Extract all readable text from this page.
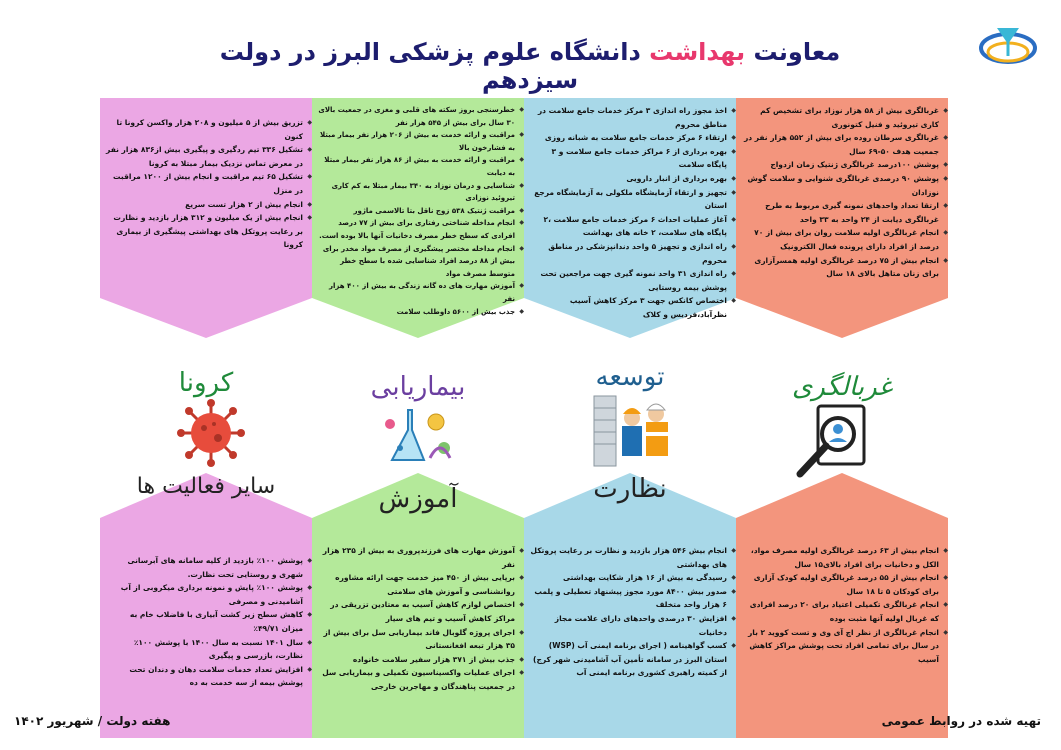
معاونت بهداشت دانشگاه علوم پزشکی البرز در دولت سیزدهم
◆ غربالگری بیش از ۵۸ هزار نوزاد برای تشخیص کم کاری تیروئید و فنیل کتونوری
◆ غربالگری سرطان روده برای بیش از ۵۵۲ هزار نفر در جمعیت هدف ۵۰-۶۹ سال
◆ پوشش ۱۰۰درصد غربالگری ژنتیک زمان ازدواج
◆ پوشش ۹۰ درصدی غربالگری شنوایی و سلامت گوش نوزادان
◆ ارتقا تعداد واحدهای نمونه گیری مربوط به طرح غربالگری دیابت از ۲۴ واحد به ۳۳ واحد
◆ انجام غربالگری اولیه سلامت روان برای بیش از ۷۰ درصد از افراد دارای پرونده فعال الکترونیک
◆ انجام بیش از ۷۵ درصد غربالگری اولیه همسرآزاری برای زنان متاهل بالای ۱۸ سال
◆ اخذ مجوز راه اندازی ۳ مرکز خدمات جامع سلامت در مناطق محروم
◆ ارتقاء ۶ مرکز خدمات جامع سلامت به شبانه روزی
◆ بهره برداری از ۶ مراکز خدمات جامع سلامت و ۳ پایگاه سلامت
◆ بهره برداری از انبار دارویی
◆ تجهیز و ارتقاء آزمایشگاه ملکولی به آزمایشگاه مرجع استان
◆ آغاز عملیات احداث ۶ مرکز خدمات جامع سلامت ،۲ پایگاه های سلامت، ۲ خانه های بهداشت
◆ راه اندازی و تجهیز ۵ واحد دندانپزشکی در مناطق محروم
◆ راه اندازی ۳۱ واحد نمونه گیری جهت مراجعین تحت پوشش بیمه روستایی
◆ اختصاص کانکس جهت ۳ مرکز کاهش آسیب نظرآباد،فردیس و کلاک
◆ خطرسنجی بروز سکته های قلبی و مغزی در جمعیت بالای ۳۰ سال برای بیش از ۵۴۵ هزار نفر
◆ مراقبت و ارائه خدمت به بیش از ۲۰۶ هزار نفر بیمار مبتلا به فشارخون بالا
◆ مراقبت و ارائه خدمت به بیش از ۸۶ هزار نفر بیمار مبتلا به دیابت
◆ شناسایی و درمان نوزاد به ۳۴۰ بیمار مبتلا به کم کاری تیروئید نوزادی
◆ مراقبت ژنتیک ۵۳۸ زوج ناقل بتا تالاسمی ماژور
◆ انجام مداخله شناختی رفتاری برای بیش از ۷۷ درصد افرادی که سطح خطر مصرف دخانیات آنها بالا بوده است.
◆ انجام مداخله مختصر پیشگیری از مصرف مواد مخدر برای بیش از ۸۸ درصد افراد شناسایی شده با سطح خطر متوسط مصرف مواد
◆ آموزش مهارت های ده گانه زندگی به بیش از ۴۰۰ هزار نفر
◆ جذب بیش از ۵۶۰۰ داوطلب سلامت
◆ تزریق بیش از ۵ میلیون و ۲۰۸ هزار واکسن کرونا تا کنون
◆ تشکیل ۳۳۶ تیم ردگیری و پیگیری بیش از۸۳۶ هزار نفر در معرض تماس نزدیک بیمار مبتلا به کرونا
◆ تشکیل ۶۵ تیم مراقبت و انجام بیش از ۱۲۰۰ مراقبت در منزل
◆ انجام بیش از ۲ هزار تست سریع
◆ انجام بیش از یک میلیون و ۳۱۲ هزار بازدید و نظارت بر رعایت پروتکل های بهداشتی پیشگیری از بیماری کرونا
غربالگری
توسعه
بیماریابی
کرونا
نظارت
آموزش
سایر فعالیت ها
◆ انجام بیش از ۶۳ درصد غربالگری اولیه مصرف مواد، الکل و دخانیات برای افراد بالای۱۵ سال
◆ انجام بیش از ۵۵ درصد غربالگری اولیه کودک آزاری برای کودکان ۵ تا ۱۸ سال
◆ انجام غربالگری تکمیلی اعتیاد برای ۲۰ درصد افرادی که غربال اولیه آنها مثبت بوده
◆ انجام غربالگری از نظر اچ آی وی و تست کووید ۲ بار در سال برای تمامی افراد تحت پوشش مراکز کاهش آسیب
◆ انجام بیش ۵۴۶ هزار بازدید و نظارت بر رعایت پروتکل های بهداشتی
◆ رسیدگی به بیش از ۱۶ هزار شکایت بهداشتی
◆ صدور بیش ۸۴۰۰ مورد مجوز پیشنهاد تعطیلی و پلمب ۶ هزار واحد متخلف
◆ افزایش ۳۰ درصدی واحدهای دارای علامت مجاز دخانیات
◆ کسب گواهینامه ( اجرای برنامه ایمنی آب (WSP) استان البرز در سامانه تأمین آب آشامیدنی شهر کرج) از کمیته راهبری کشوری برنامه ایمنی آب
◆ آموزش مهارت های فرزندپروری به بیش از ۲۳۵ هزار نفر
◆ برپایی بیش از ۴۵۰ میز خدمت جهت ارائه مشاوره روانشناسی و آموزش های سلامتی
◆ اختصاص لوازم کاهش آسیب به معتادین تزریقی در مراکز کاهش آسیب و تیم های سیار
◆ اجرای پروژه گلوبال فاند بیماریابی سل برای بیش از ۳۵ هزار تبعه افغانستانی
◆ جذب بیش از ۳۷۱ هزار سفیر سلامت خانواده
◆ اجرای عملیات واکسیناسیون تکمیلی و بیماریابی سل در جمعیت پناهندگان و مهاجرین خارجی
◆ پوشش ۱۰۰٪ بازدید از کلیه سامانه های آبرسانی شهری و روستایی تحت نظارت.
◆ پوشش ۱۰۰٪ پایش و نمونه برداری میکروبی از آب آشامیدنی و مصرفی
◆ کاهش سطح زیر کشت آبیاری با فاضلاب خام به میزان ۴۹/۷۱٪
◆ سال ۱۴۰۱ نسبت به سال ۱۴۰۰ با پوشش ۱۰۰٪ نظارت، بازرسی و پیگیری
◆ افزایش تعداد خدمات سلامت دهان و دندان تحت پوشش بیمه از سه خدمت به ده
هفته دولت / شهریور ۱۴۰۲	تهیه شده در روابط عمومی
